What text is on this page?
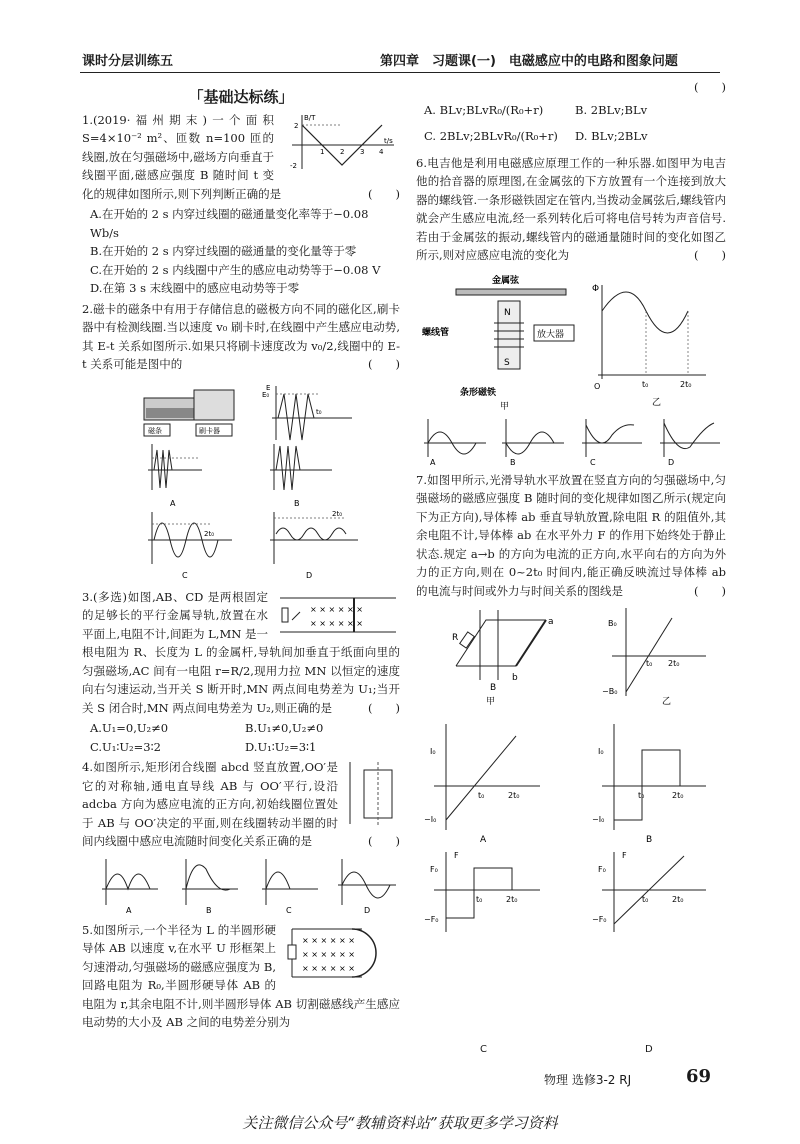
课时分层训练五	第四章　习题课(一)　电磁感应中的电路和图象问题
「基础达标练」
B/T
t/s
2
-2
1 2 3 4
1.(2019·福州期末)一个面积 S=4×10⁻² m²、匝数 n=100 匝的线圈,放在匀强磁场中,磁场方向垂直于线圈平面,磁感应强度 B 随时间 t 变化的规律如图所示,则下列判断正确的是	(　　)
A.在开始的 2 s 内穿过线圈的磁通量变化率等于−0.08 Wb/s
B.在开始的 2 s 内穿过线圈的磁通量的变化量等于零
C.在开始的 2 s 内线圈中产生的感应电动势等于−0.08 V
D.在第 3 s 末线圈中的感应电动势等于零
2.磁卡的磁条中有用于存储信息的磁极方向不同的磁化区,刷卡器中有检测线圈.当以速度 v₀ 刷卡时,在线圈中产生感应电动势,其 E-t 关系如图所示.如果只将刷卡速度改为 v₀/2,线圈中的 E-t 关系可能是图中的	(　　)
磁条	刷卡器
E
E₀
t₀
A	B
2t₀
C
2t₀
D
× × × × × ×
× × × × × ×
3.(多选)如图,AB、CD 是两根固定的足够长的平行金属导轨,放置在水平面上,电阻不计,间距为 L,MN 是一根电阻为 R、长度为 L 的金属杆,导轨间加垂直于纸面向里的匀强磁场,AC 间有一电阻 r=R/2,现用力拉 MN 以恒定的速度向右匀速运动,当开关 S 断开时,MN 两点间电势差为 U₁;当开关 S 闭合时,MN 两点间电势差为 U₂,则正确的是	(　　)
A.U₁=0,U₂≠0	B.U₁≠0,U₂≠0
C.U₁∶U₂=3∶2	D.U₁∶U₂=3∶1
4.如图所示,矩形闭合线圈 abcd 竖直放置,OO′是它的对称轴,通电直导线 AB 与 OO′平行,设沿 adcba 方向为感应电流的正方向,初始线圈位置处于 AB 与 OO′决定的平面,则在线圈转动半圈的时间内线圈中感应电流随时间变化关系正确的是	(　　)
A	B	C	D
× × × × × ×
× × × × × ×
× × × × × ×
5.如图所示,一个半径为 L 的半圆形硬导体 AB 以速度 v,在水平 U 形框架上匀速滑动,匀强磁场的磁感应强度为 B,回路电阻为 R₀,半圆形硬导体 AB 的电阻为 r,其余电阻不计,则半圆形导体 AB 切割磁感线产生感应电动势的大小及 AB 之间的电势差分别为
(　　)
A. BLv;BLvR₀/(R₀+r)	B. 2BLv;BLv
C. 2BLv;2BLvR₀/(R₀+r)	D. BLv;2BLv
6.电吉他是利用电磁感应原理工作的一种乐器.如图甲为电吉他的拾音器的原理图,在金属弦的下方放置有一个连接到放大器的螺线管.一条形磁铁固定在管内,当拨动金属弦后,螺线管内就会产生感应电流,经一系列转化后可将电信号转为声音信号.若由于金属弦的振动,螺线管内的磁通量随时间的变化如图乙所示,则对应感应电流的变化为	(　　)
金属弦
N
S
放大器
螺线管
条形磁铁
甲
Φ
O	t₀	2t₀
乙
A	B	C	D
7.如图甲所示,光滑导轨水平放置在竖直方向的匀强磁场中,匀强磁场的磁感应强度 B 随时间的变化规律如图乙所示(规定向下为正方向),导体棒 ab 垂直导轨放置,除电阻 R 的阻值外,其余电阻不计,导体棒 ab 在水平外力 F 的作用下始终处于静止状态.规定 a→b 的方向为电流的正方向,水平向右的方向为外力的正方向,则在 0~2t₀ 时间内,能正确反映流过导体棒 ab 的电流与时间或外力与时间关系的图线是	(　　)
R
a
b
B
甲
B₀
−B₀
t₀ 2t₀
乙
I₀
−I₀
t₀	2t₀
A
I₀
−I₀
t₀	2t₀
B
F₀
−F₀
t₀	2t₀
F
F₀
−F₀
t₀	2t₀
F
C	D
物理 选修3-2 RJ	69
关注微信公众号“教辅资料站”获取更多学习资料
